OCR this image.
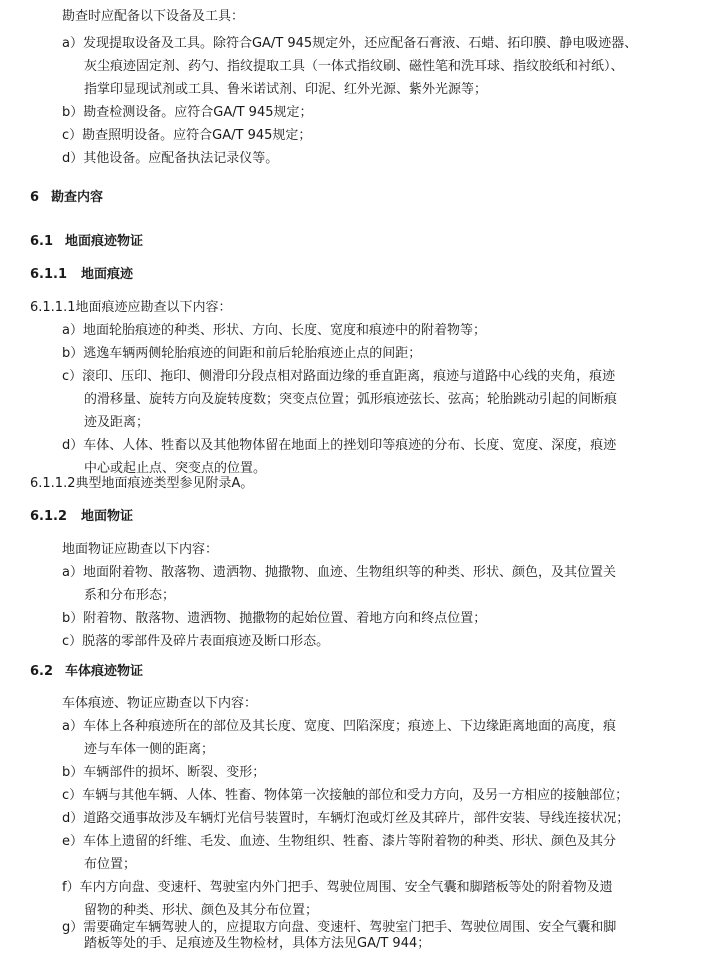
勘查时应配备以下设备及工具：
a）发现提取设备及工具。除符合GA/T 945规定外，还应配备石膏液、石蜡、拓印膜、静电吸迹器、
灰尘痕迹固定剂、药勺、指纹提取工具（一体式指纹刷、磁性笔和洗耳球、指纹胶纸和衬纸）、
指掌印显现试剂或工具、鲁米诺试剂、印泥、红外光源、紫外光源等；
b）勘查检测设备。应符合GA/T 945规定；
c）勘查照明设备。应符合GA/T 945规定；
d）其他设备。应配备执法记录仪等。
6 勘查内容
6.1 地面痕迹物证
6.1.1 地面痕迹
6.1.1.1地面痕迹应勘查以下内容：
a）地面轮胎痕迹的种类、形状、方向、长度、宽度和痕迹中的附着物等；
b）逃逸车辆两侧轮胎痕迹的间距和前后轮胎痕迹止点的间距；
c）滚印、压印、拖印、侧滑印分段点相对路面边缘的垂直距离，痕迹与道路中心线的夹角，痕迹
的滑移量、旋转方向及旋转度数；突变点位置；弧形痕迹弦长、弦高；轮胎跳动引起的间断痕
迹及距离；
d）车体、人体、牲畜以及其他物体留在地面上的挫划印等痕迹的分布、长度、宽度、深度，痕迹
中心或起止点、突变点的位置。
6.1.1.2典型地面痕迹类型参见附录A。
6.1.2 地面物证
地面物证应勘查以下内容：
a）地面附着物、散落物、遗洒物、抛撒物、血迹、生物组织等的种类、形状、颜色，及其位置关
系和分布形态；
b）附着物、散落物、遗洒物、抛撒物的起始位置、着地方向和终点位置；
c）脱落的零部件及碎片表面痕迹及断口形态。
6.2 车体痕迹物证
车体痕迹、物证应勘查以下内容：
a）车体上各种痕迹所在的部位及其长度、宽度、凹陷深度；痕迹上、下边缘距离地面的高度，痕
迹与车体一侧的距离；
b）车辆部件的损坏、断裂、变形；
c）车辆与其他车辆、人体、牲畜、物体第一次接触的部位和受力方向，及另一方相应的接触部位；
d）道路交通事故涉及车辆灯光信号装置时，车辆灯泡或灯丝及其碎片，部件安装、导线连接状况；
e）车体上遗留的纤维、毛发、血迹、生物组织、牲畜、漆片等附着物的种类、形状、颜色及其分
布位置；
f）车内方向盘、变速杆、驾驶室内外门把手、驾驶位周围、安全气囊和脚踏板等处的附着物及遗
留物的种类、形状、颜色及其分布位置；
g）需要确定车辆驾驶人的，应提取方向盘、变速杆、驾驶室门把手、驾驶位周围、安全气囊和脚
踏板等处的手、足痕迹及生物检材，具体方法见GA/T 944；
